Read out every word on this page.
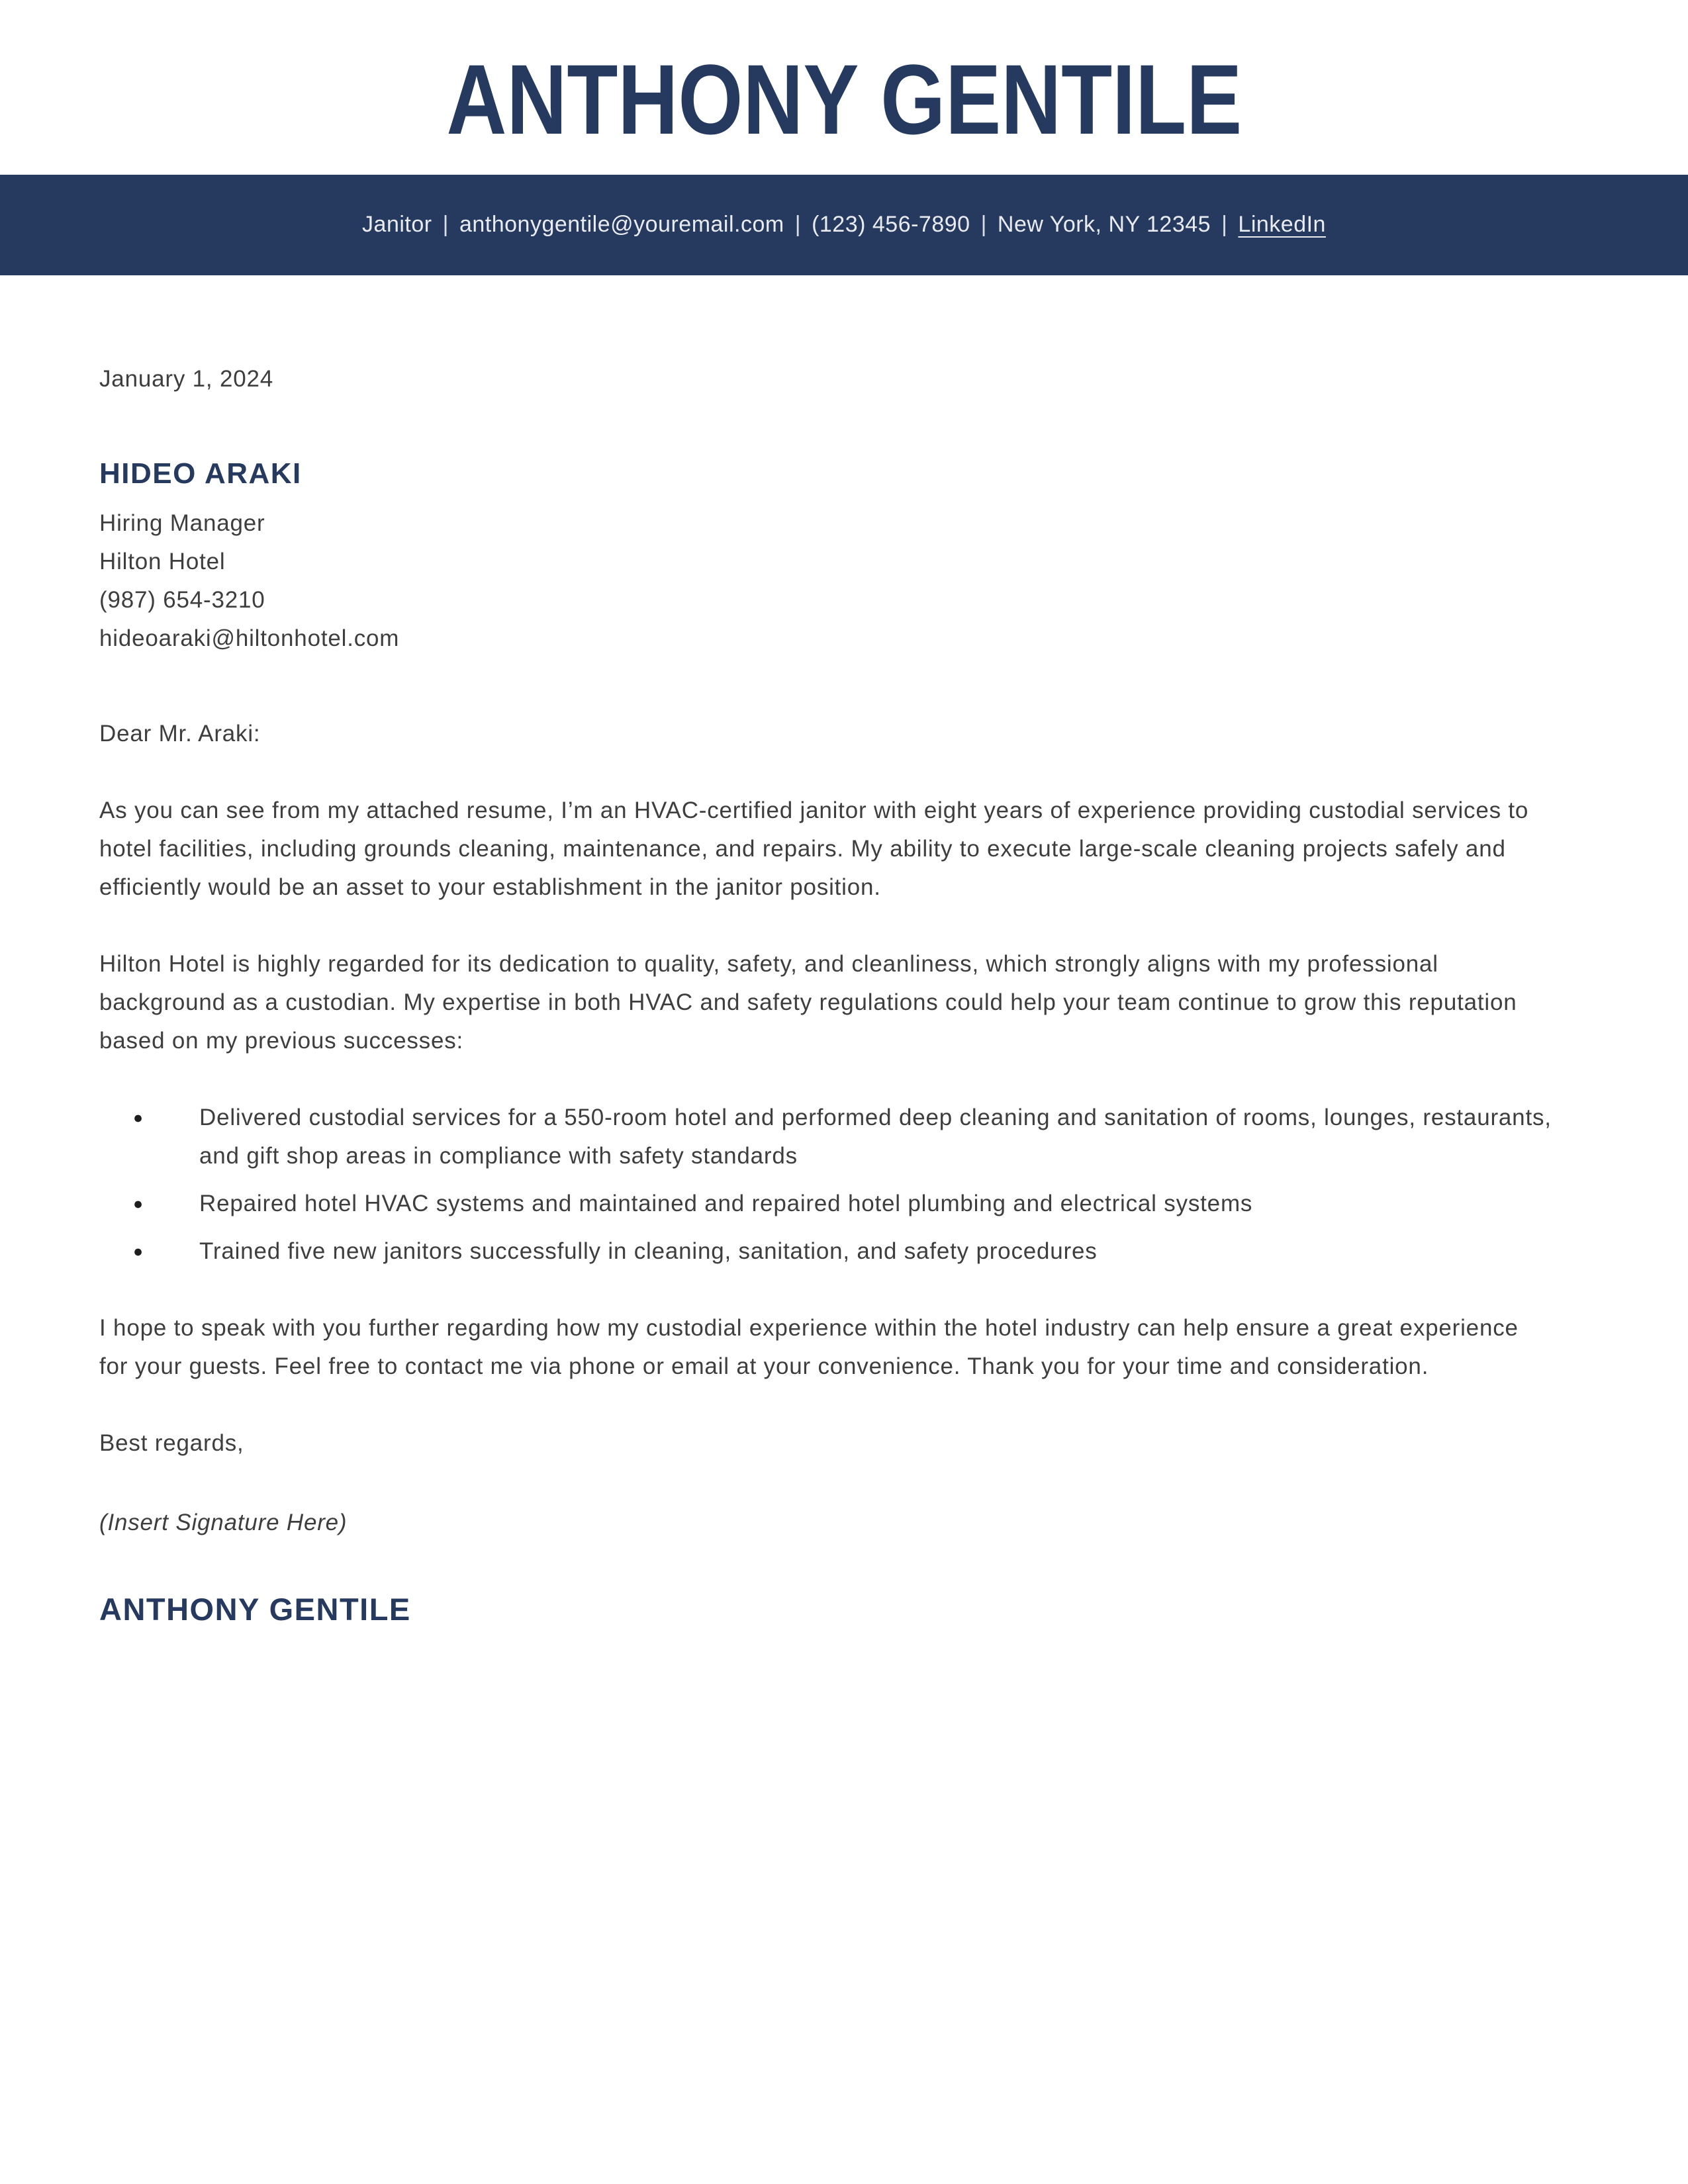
ANTHONY GENTILE
Janitor | anthonygentile@youremail.com | (123) 456-7890 | New York, NY 12345 | LinkedIn
January 1, 2024
HIDEO ARAKI
Hiring Manager
Hilton Hotel
(987) 654-3210
hideoaraki@hiltonhotel.com
Dear Mr. Araki:
As you can see from my attached resume, I’m an HVAC-certified janitor with eight years of experience providing custodial services to hotel facilities, including grounds cleaning, maintenance, and repairs. My ability to execute large-scale cleaning projects safely and efficiently would be an asset to your establishment in the janitor position.
Hilton Hotel is highly regarded for its dedication to quality, safety, and cleanliness, which strongly aligns with my professional background as a custodian. My expertise in both HVAC and safety regulations could help your team continue to grow this reputation based on my previous successes:
●	Delivered custodial services for a 550-room hotel and performed deep cleaning and sanitation of rooms, lounges, restaurants, and gift shop areas in compliance with safety standards
●	Repaired hotel HVAC systems and maintained and repaired hotel plumbing and electrical systems
●	Trained five new janitors successfully in cleaning, sanitation, and safety procedures
I hope to speak with you further regarding how my custodial experience within the hotel industry can help ensure a great experience for your guests. Feel free to contact me via phone or email at your convenience. Thank you for your time and consideration.
Best regards,
(Insert Signature Here)
ANTHONY GENTILE
